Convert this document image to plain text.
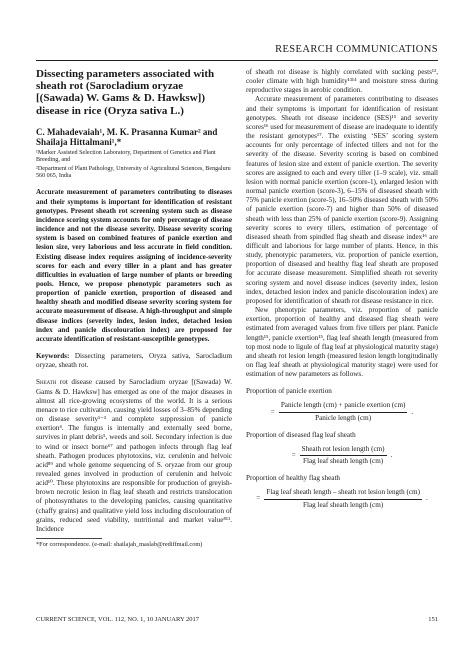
RESEARCH COMMUNICATIONS
Dissecting parameters associated with sheath rot (Sarocladium oryzae [(Sawada) W. Gams & D. Hawksw]) disease in rice (Oryza sativa L.)
C. Mahadevaiah¹, M. K. Prasanna Kumar² and Shailaja Hittalmani¹,*
¹Marker Assisted Selection Laboratory, Department of Genetics and Plant Breeding, and
²Department of Plant Pathology, University of Agricultural Sciences, Bengaluru 560 065, India

Accurate measurement of parameters contributing to diseases and their symptoms is important for identification of resistant genotypes. Present sheath rot screening system such as disease incidence scoring system accounts for only percentage of disease incidence and not the disease severity. Disease severity scoring system is based on combined features of panicle exertion and lesion size, very laborious and less accurate in field condition. Existing disease index requires assigning of incidence-severity scores for each and every tiller in a plant and has greater difficulties in evaluation of large number of plants or breeding pools. Hence, we propose phenotypic parameters such as proportion of panicle exertion, proportion of diseased and healthy sheath and modified disease severity scoring system for accurate measurement of disease. A high-throughput and simple disease indices (severity index, lesion index, detached lesion index and panicle discolouration index) are proposed for accurate identification of resistant-susceptible genotypes.

Keywords: Dissecting parameters, Oryza sativa, Sarocladium oryzae, sheath rot.

Sheath rot disease caused by Sarocladium oryzae [(Sawada) W. Gams & D. Hawksw] has emerged as one of the major diseases in almost all rice-growing ecosystems of the world. It is a serious menace to rice cultivation, causing yield losses of 3–85% depending on disease severity¹⁻³ and complete suppression of panicle exertion⁴. The fungus is internally and externally seed borne, survives in plant debris⁵, weeds and soil. Secondary infection is due to wind or insect borne⁶⁷ and pathogen infects through flag leaf sheath. Pathogen produces phytotoxins, viz. cerulenin and helvoic acid⁸⁹ and whole genome sequencing of S. oryzae from our group revealed genes involved in production of cerulenin and helvoic acid¹⁰. These phytotoxins are responsible for production of greyish-brown necrotic lesion in flag leaf sheath and restricts translocation of photosynthates to the developing panicles, causing quantitative (chaffy grains) and qualitative yield loss including discolouration of grains, reduced seed viability, nutritional and market value⁸¹¹. Incidence

*For correspondence. (e-mail: shailajah_maslab@rediffmail.com)

of sheath rot disease is highly correlated with sucking pests¹², cooler climate with high humidity¹³¹⁴ and moisture stress during reproductive stages in aerobic condition.

Accurate measurement of parameters contributing to diseases and their symptoms is important for identification of resistant genotypes. Sheath rot disease incidence (SES)¹⁵ and severity scores¹⁶ used for measurement of disease are inadequate to identify the resistant genotypes¹⁷. The existing ‘SES’ scoring system accounts for only percentage of infected tillers and not for the severity of the disease. Severity scoring is based on combined features of lesion size and extent of panicle exertion. The severity scores are assigned to each and every tiller (1–9 scale), viz. small lesion with normal panicle exertion (score-1), enlarged lesion with normal panicle exertion (score-3), 6–15% of diseased sheath with 75% panicle exertion (score-5), 16–50% diseased sheath with 50% of panicle exertion (score-7) and higher than 50% of diseased sheath with less than 25% of panicle exertion (score-9). Assigning severity scores to every tillers, estimation of percentage of diseased sheath from spindled flag sheath and disease index¹⁶ are difficult and laborious for large number of plants. Hence, in this study, phenotypic parameters, viz. proportion of panicle exertion, proportion of diseased and healthy flag leaf sheath are proposed for accurate disease measurement. Simplified sheath rot severity scoring system and novel disease indices (severity index, lesion index, detached lesion index and panicle discolouration index) are proposed for identification of sheath rot disease resistance in rice.

New phenotypic parameters, viz. proportion of panicle exertion, proportion of healthy and diseased flag sheath were estimated from averaged values from five tillers per plant. Panicle length¹⁵, panicle exertion¹⁵, flag leaf sheath length (measured from top most node to ligule of flag leaf at physiological maturity stage) and sheath rot lesion length (measured lesion length longitudinally on flag leaf sheath at physiological maturity stage) were used for estimation of new parameters as follows.

Proportion of panicle exertion
= $\frac{\text{Panicle length (cm) + panicle exertion (cm)}}{\text{Panicle length (cm)}}$ .
Proportion of diseased flag leaf sheath
= $\frac{\text{Sheath rot lesion length (cm)}}{\text{Flag leaf sheath length (cm)}}$ .
Proportion of healthy flag sheath
= $\frac{\text{Flag leaf sheath length – sheath rot lesion length (cm)}}{\text{Flag leaf sheath length (cm)}}$ .
CURRENT SCIENCE, VOL. 112, NO. 1, 10 JANUARY 2017	151
